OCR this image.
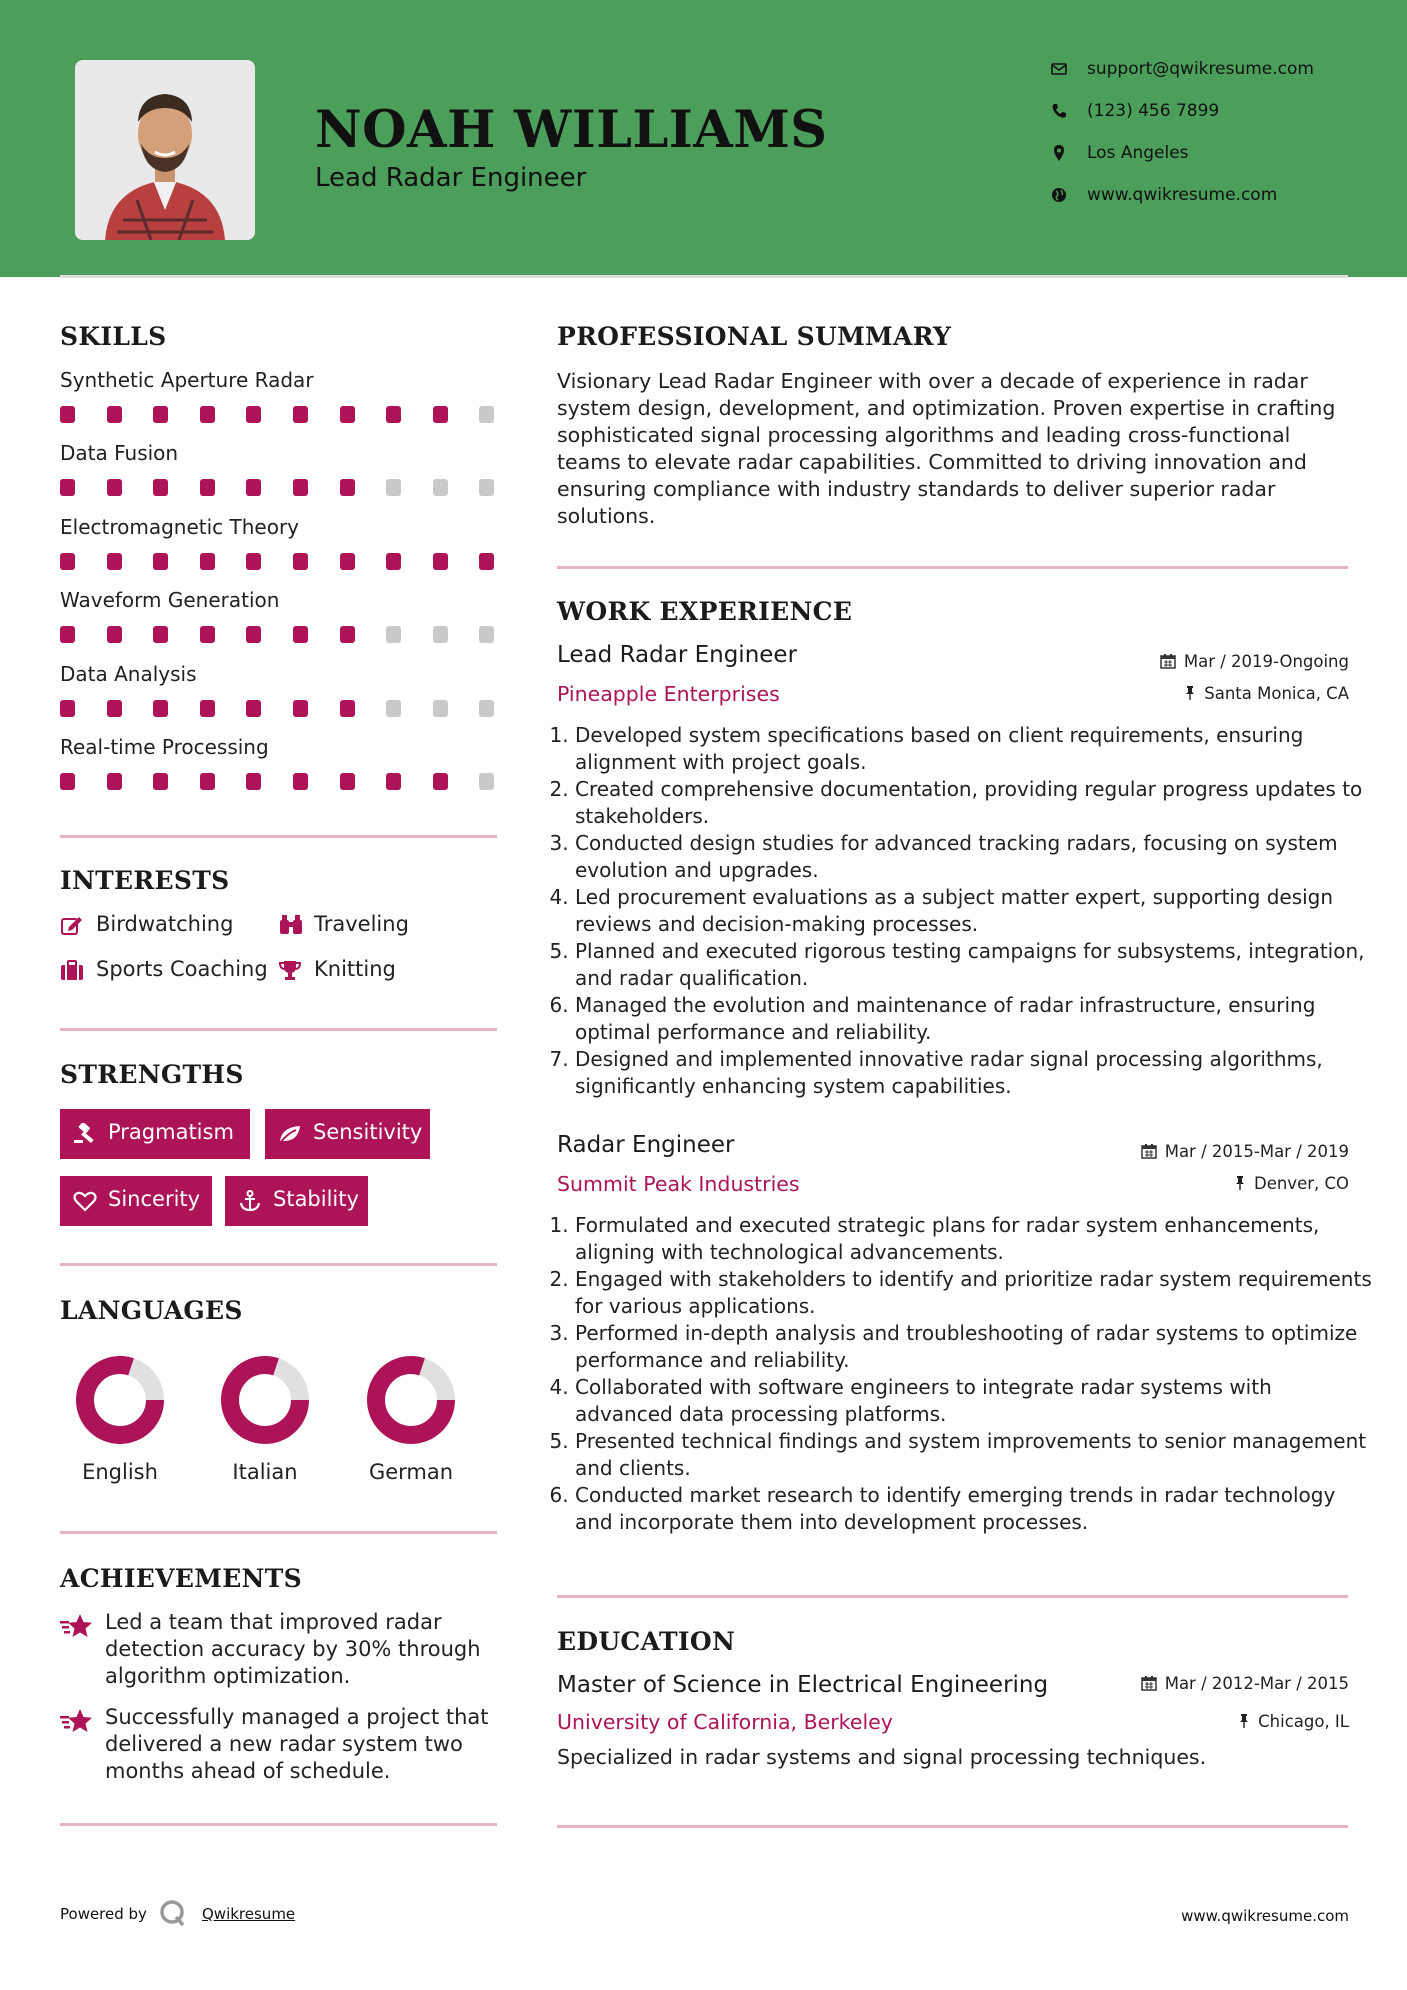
NOAH WILLIAMS
Lead Radar Engineer
support@qwikresume.com
(123) 456 7899
Los Angeles
www.qwikresume.com
SKILLS
Synthetic Aperture Radar
Data Fusion
Electromagnetic Theory
Waveform Generation
Data Analysis
Real-time Processing
INTERESTS
Birdwatching	Traveling
Sports Coaching Knitting
STRENGTHS
Pragmatism	Sensitivity
Sincerity	Stability
LANGUAGES
English	Italian	German
ACHIEVEMENTS
Led a team that improved radar detection accuracy by 30% through algorithm optimization.
Successfully managed a project that delivered a new radar system two months ahead of schedule.
PROFESSIONAL SUMMARY
Visionary Lead Radar Engineer with over a decade of experience in radar system design, development, and optimization. Proven expertise in crafting sophisticated signal processing algorithms and leading cross-functional teams to elevate radar capabilities. Committed to driving innovation and ensuring compliance with industry standards to deliver superior radar solutions.
WORK EXPERIENCE
Lead Radar Engineer	Mar / 2019-Ongoing
Pineapple Enterprises	Santa Monica, CA
1. Developed system specifications based on client requirements, ensuring alignment with project goals.
2. Created comprehensive documentation, providing regular progress updates to stakeholders.
3. Conducted design studies for advanced tracking radars, focusing on system evolution and upgrades.
4. Led procurement evaluations as a subject matter expert, supporting design reviews and decision-making processes.
5. Planned and executed rigorous testing campaigns for subsystems, integration, and radar qualification.
6. Managed the evolution and maintenance of radar infrastructure, ensuring optimal performance and reliability.
7. Designed and implemented innovative radar signal processing algorithms, significantly enhancing system capabilities.
Radar Engineer	Mar / 2015-Mar / 2019
Summit Peak Industries	Denver, CO
1. Formulated and executed strategic plans for radar system enhancements, aligning with technological advancements.
2. Engaged with stakeholders to identify and prioritize radar system requirements for various applications.
3. Performed in-depth analysis and troubleshooting of radar systems to optimize performance and reliability.
4. Collaborated with software engineers to integrate radar systems with advanced data processing platforms.
5. Presented technical findings and system improvements to senior management and clients.
6. Conducted market research to identify emerging trends in radar technology and incorporate them into development processes.
EDUCATION
Master of Science in Electrical Engineering	Mar / 2012-Mar / 2015
University of California, Berkeley	Chicago, IL
Specialized in radar systems and signal processing techniques.
Powered by	Qwikresume	www.qwikresume.com
